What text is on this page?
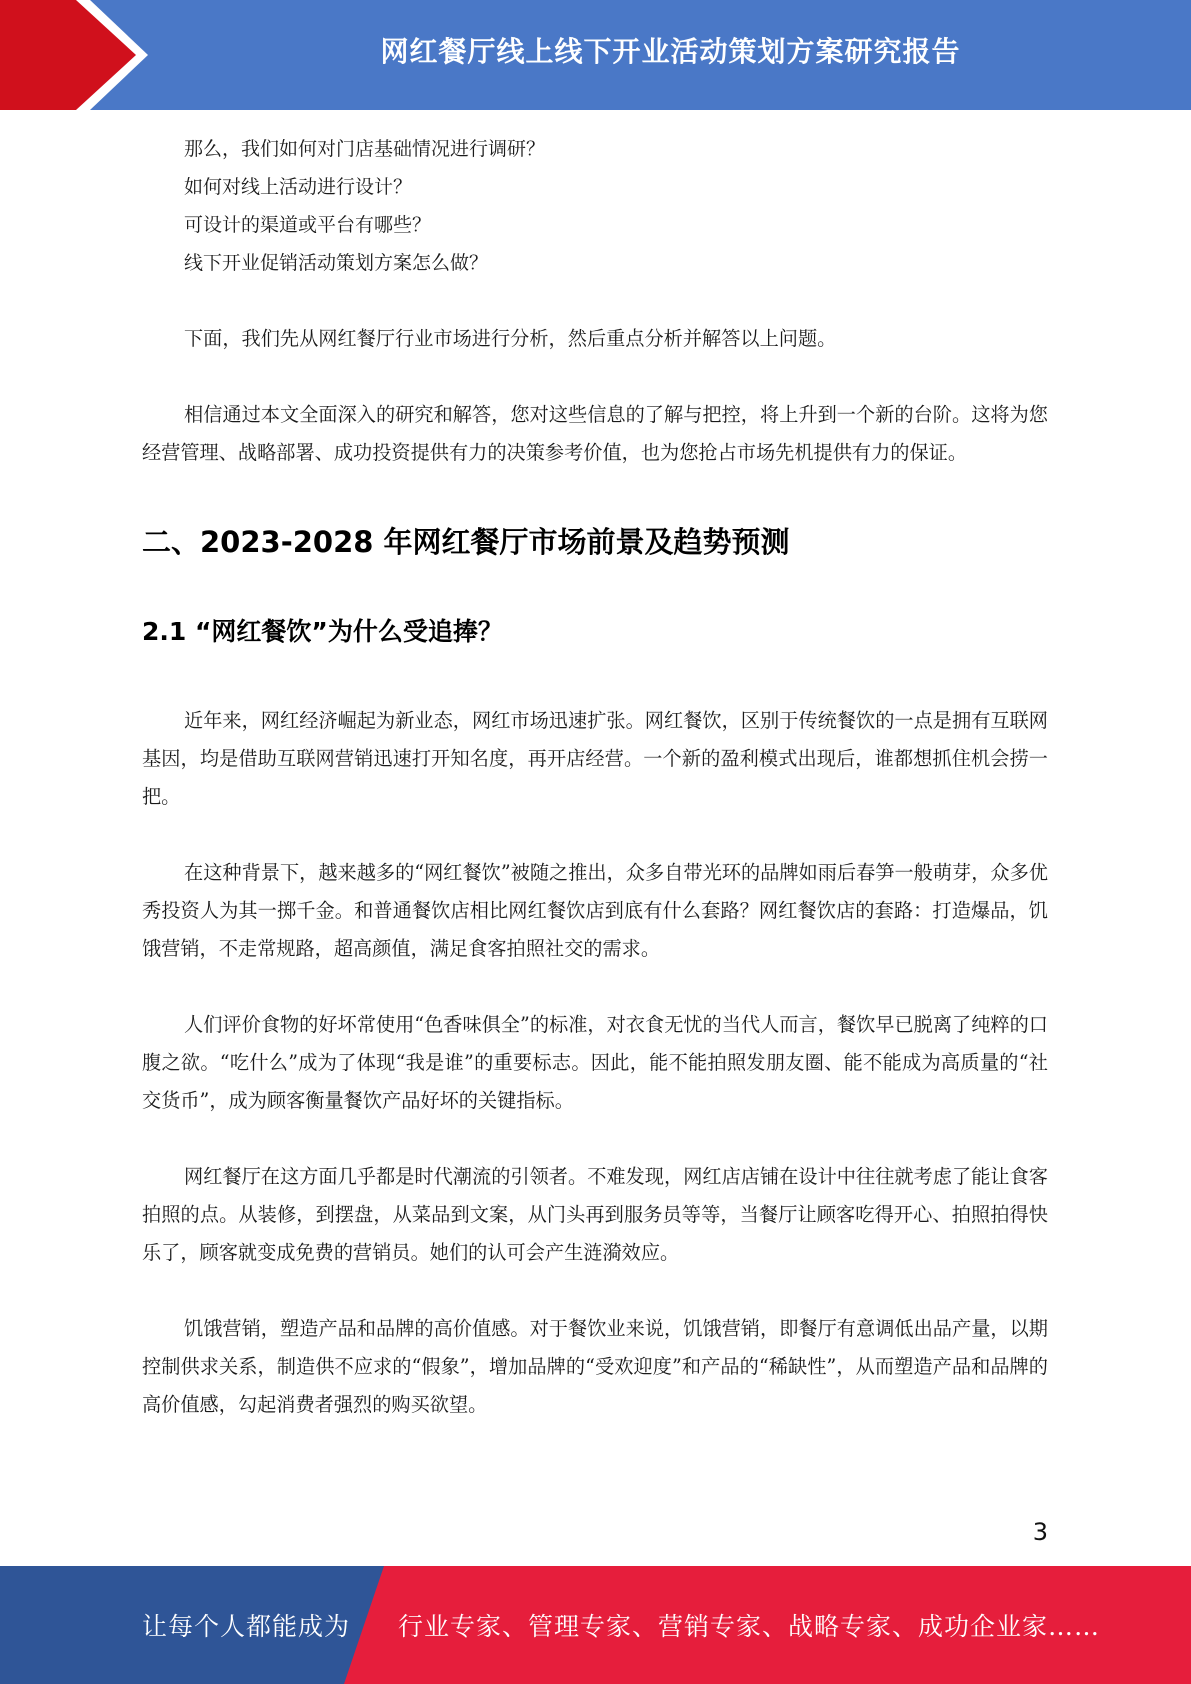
网红餐厅线上线下开业活动策划方案研究报告

那么，我们如何对门店基础情况进行调研？

如何对线上活动进行设计？

可设计的渠道或平台有哪些？

线下开业促销活动策划方案怎么做？

下面，我们先从网红餐厅行业市场进行分析，然后重点分析并解答以上问题。

相信通过本文全面深入的研究和解答，您对这些信息的了解与把控，将上升到一个新的台阶。这将为您经营管理、战略部署、成功投资提供有力的决策参考价值，也为您抢占市场先机提供有力的保证。

二、2023-2028 年网红餐厅市场前景及趋势预测
2.1 “网红餐饮”为什么受追捧？

近年来，网红经济崛起为新业态，网红市场迅速扩张。网红餐饮，区别于传统餐饮的一点是拥有互联网基因，均是借助互联网营销迅速打开知名度，再开店经营。一个新的盈利模式出现后，谁都想抓住机会捞一把。

在这种背景下，越来越多的“网红餐饮”被随之推出，众多自带光环的品牌如雨后春笋一般萌芽，众多优秀投资人为其一掷千金。和普通餐饮店相比网红餐饮店到底有什么套路？网红餐饮店的套路：打造爆品，饥饿营销，不走常规路，超高颜值，满足食客拍照社交的需求。

人们评价食物的好坏常使用“色香味俱全”的标准，对衣食无忧的当代人而言，餐饮早已脱离了纯粹的口腹之欲。“吃什么”成为了体现“我是谁”的重要标志。因此，能不能拍照发朋友圈、能不能成为高质量的“社交货币”，成为顾客衡量餐饮产品好坏的关键指标。

网红餐厅在这方面几乎都是时代潮流的引领者。不难发现，网红店店铺在设计中往往就考虑了能让食客拍照的点。从装修，到摆盘，从菜品到文案，从门头再到服务员等等，当餐厅让顾客吃得开心、拍照拍得快乐了，顾客就变成免费的营销员。她们的认可会产生涟漪效应。

饥饿营销，塑造产品和品牌的高价值感。对于餐饮业来说，饥饿营销，即餐厅有意调低出品产量，以期控制供求关系，制造供不应求的“假象”，增加品牌的“受欢迎度”和产品的“稀缺性”，从而塑造产品和品牌的高价值感，勾起消费者强烈的购买欲望。

3
让每个人都能成为 行业专家、管理专家、营销专家、战略专家、成功企业家……
